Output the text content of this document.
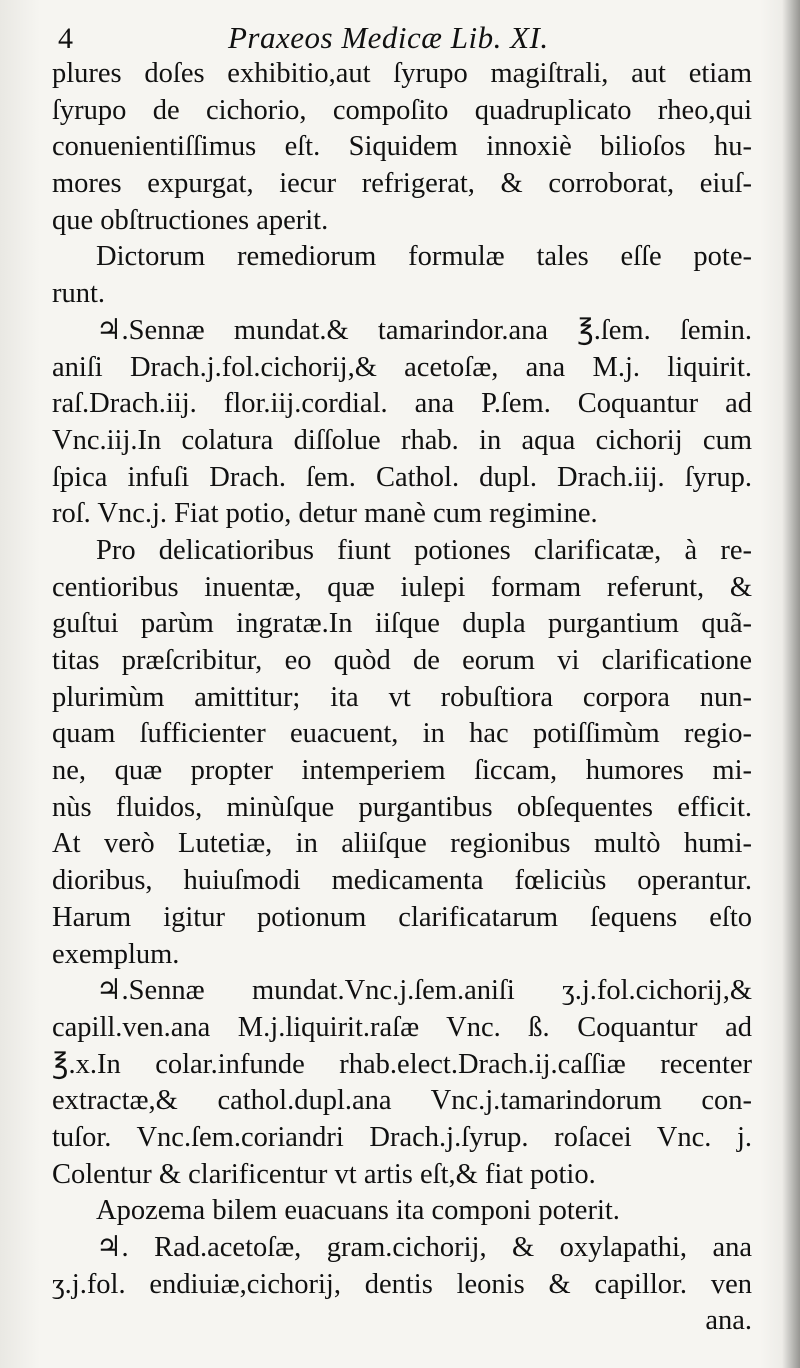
4	Praxeos Medicæ Lib. XI.
plures doſes exhibitio,aut ſyrupo magiſtrali, aut etiam
ſyrupo de cichorio, compoſito quadruplicato rheo,qui
conuenientiſſimus eſt. Siquidem innoxiè bilioſos hu-
mores expurgat, iecur refrigerat, & corroborat, eiuſ-
que obſtructiones aperit.
Dictorum remediorum formulæ tales eſſe pote-
runt.
♃.Sennæ mundat.& tamarindor.ana ℥.ſem. ſemin.
aniſi Drach.j.fol.cichorij,& acetoſæ, ana M.j. liquirit.
raſ.Drach.iij. flor.iij.cordial. ana P.ſem. Coquantur ad
Vnc.iij.In colatura diſſolue rhab. in aqua cichorij cum
ſpica infuſi Drach. ſem. Cathol. dupl. Drach.iij. ſyrup.
roſ. Vnc.j. Fiat potio, detur manè cum regimine.
Pro delicatioribus fiunt potiones clarificatæ, à re-
centioribus inuentæ, quæ iulepi formam referunt, &
guſtui parùm ingratæ.In iiſque dupla purgantium quã-
titas præſcribitur, eo quòd de eorum vi clarificatione
plurimùm amittitur; ita vt robuſtiora corpora nun-
quam ſufficienter euacuent, in hac potiſſimùm regio-
ne, quæ propter intemperiem ſiccam, humores mi-
nùs fluidos, minùſque purgantibus obſequentes efficit.
At verò Lutetiæ, in aliiſque regionibus multò humi-
dioribus, huiuſmodi medicamenta fœliciùs operantur.
Harum igitur potionum clarificatarum ſequens eſto
exemplum.
♃.Sennæ mundat.Vnc.j.ſem.aniſi ʒ.j.fol.cichorij,&
capill.ven.ana M.j.liquirit.raſæ Vnc. ß. Coquantur ad
℥.x.In colar.infunde rhab.elect.Drach.ij.caſſiæ recenter
extractæ,& cathol.dupl.ana Vnc.j.tamarindorum con-
tuſor. Vnc.ſem.coriandri Drach.j.ſyrup. roſacei Vnc. j.
Colentur & clarificentur vt artis eſt,& fiat potio.
Apozema bilem euacuans ita componi poterit.
♃. Rad.acetoſæ, gram.cichorij, & oxylapathi, ana
ʒ.j.fol. endiuiæ,cichorij, dentis leonis & capillor. ven
ana.
